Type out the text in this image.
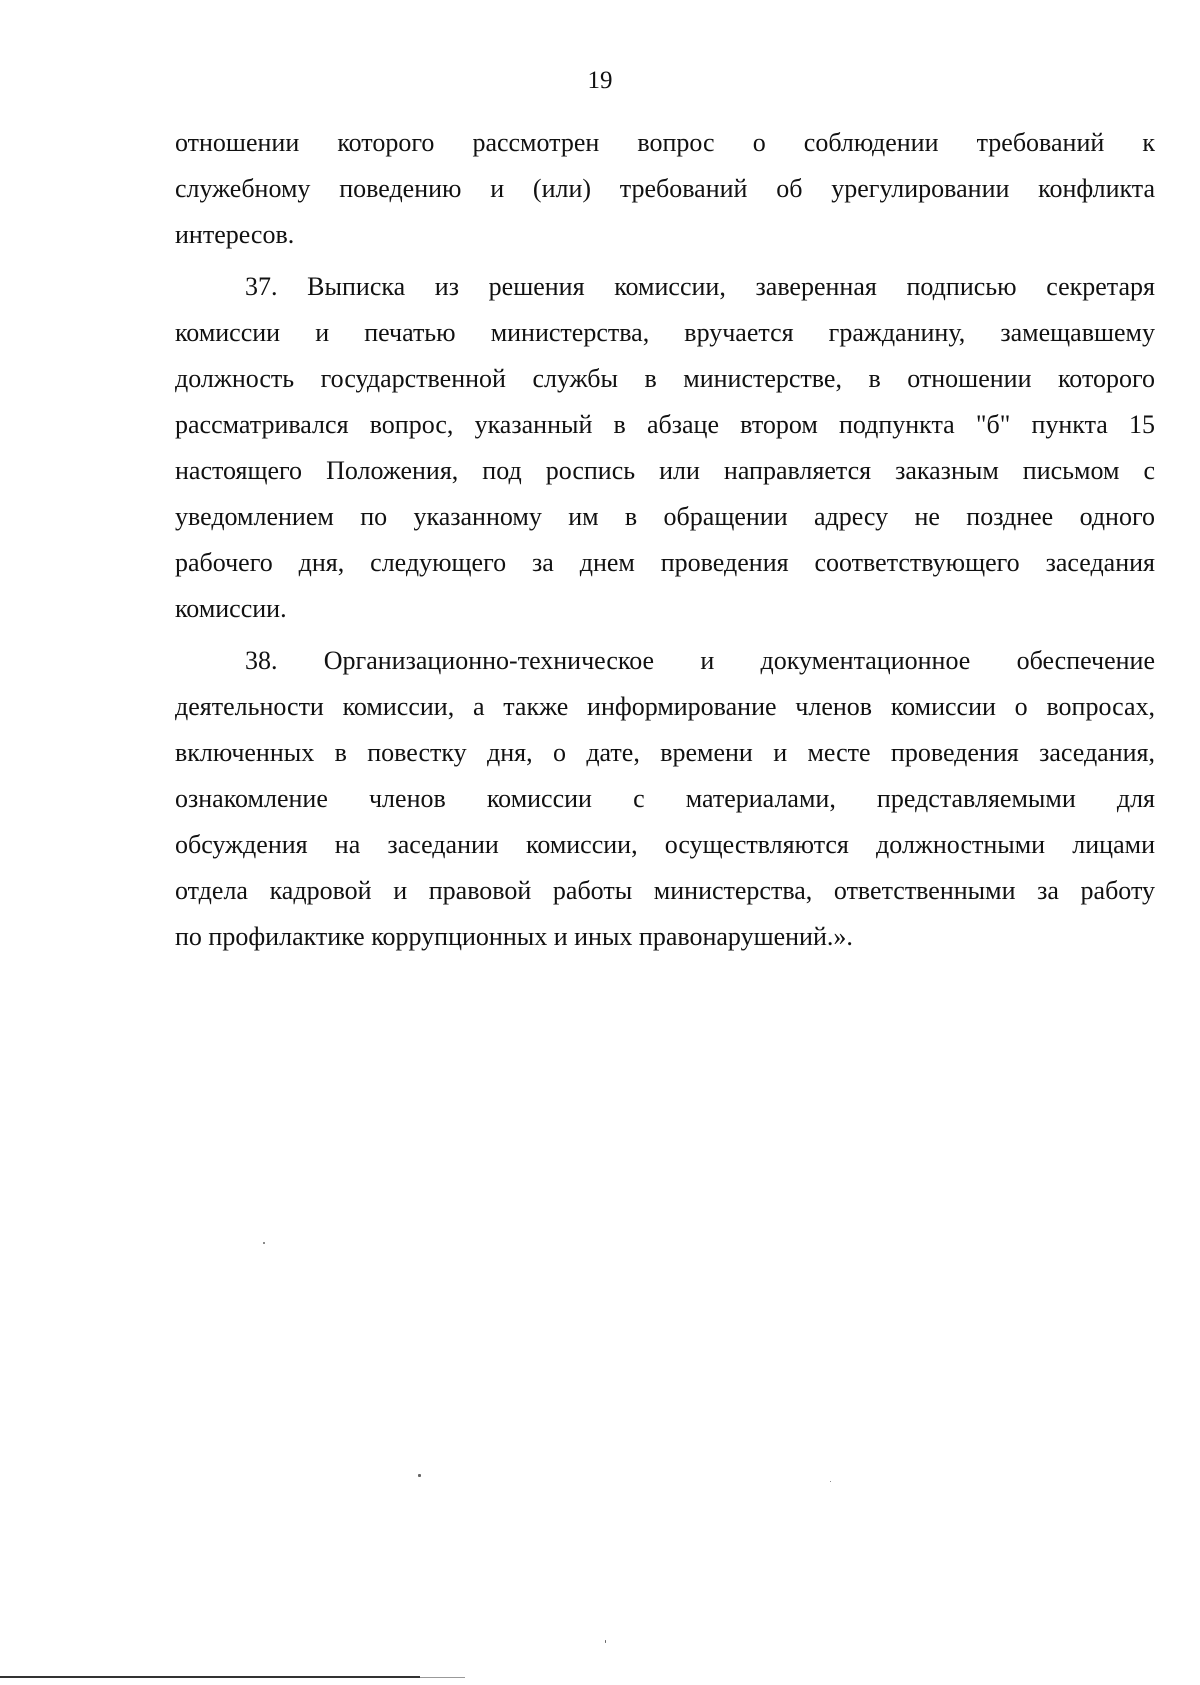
19
отношении которого рассмотрен вопрос о соблюдении требований к
служебному поведению и (или) требований об урегулировании конфликта
интересов.
37. Выписка из решения комиссии, заверенная подписью секретаря
комиссии и печатью министерства, вручается гражданину, замещавшему
должность государственной службы в министерстве, в отношении которого
рассматривался вопрос, указанный в абзаце втором подпункта "б" пункта 15
настоящего Положения, под роспись или направляется заказным письмом с
уведомлением по указанному им в обращении адресу не позднее одного
рабочего дня, следующего за днем проведения соответствующего заседания
комиссии.
38. Организационно-техническое и документационное обеспечение
деятельности комиссии, а также информирование членов комиссии о вопросах,
включенных в повестку дня, о дате, времени и месте проведения заседания,
ознакомление членов комиссии с материалами, представляемыми для
обсуждения на заседании комиссии, осуществляются должностными лицами
отдела кадровой и правовой работы министерства, ответственными за работу
по профилактике коррупционных и иных правонарушений.».
